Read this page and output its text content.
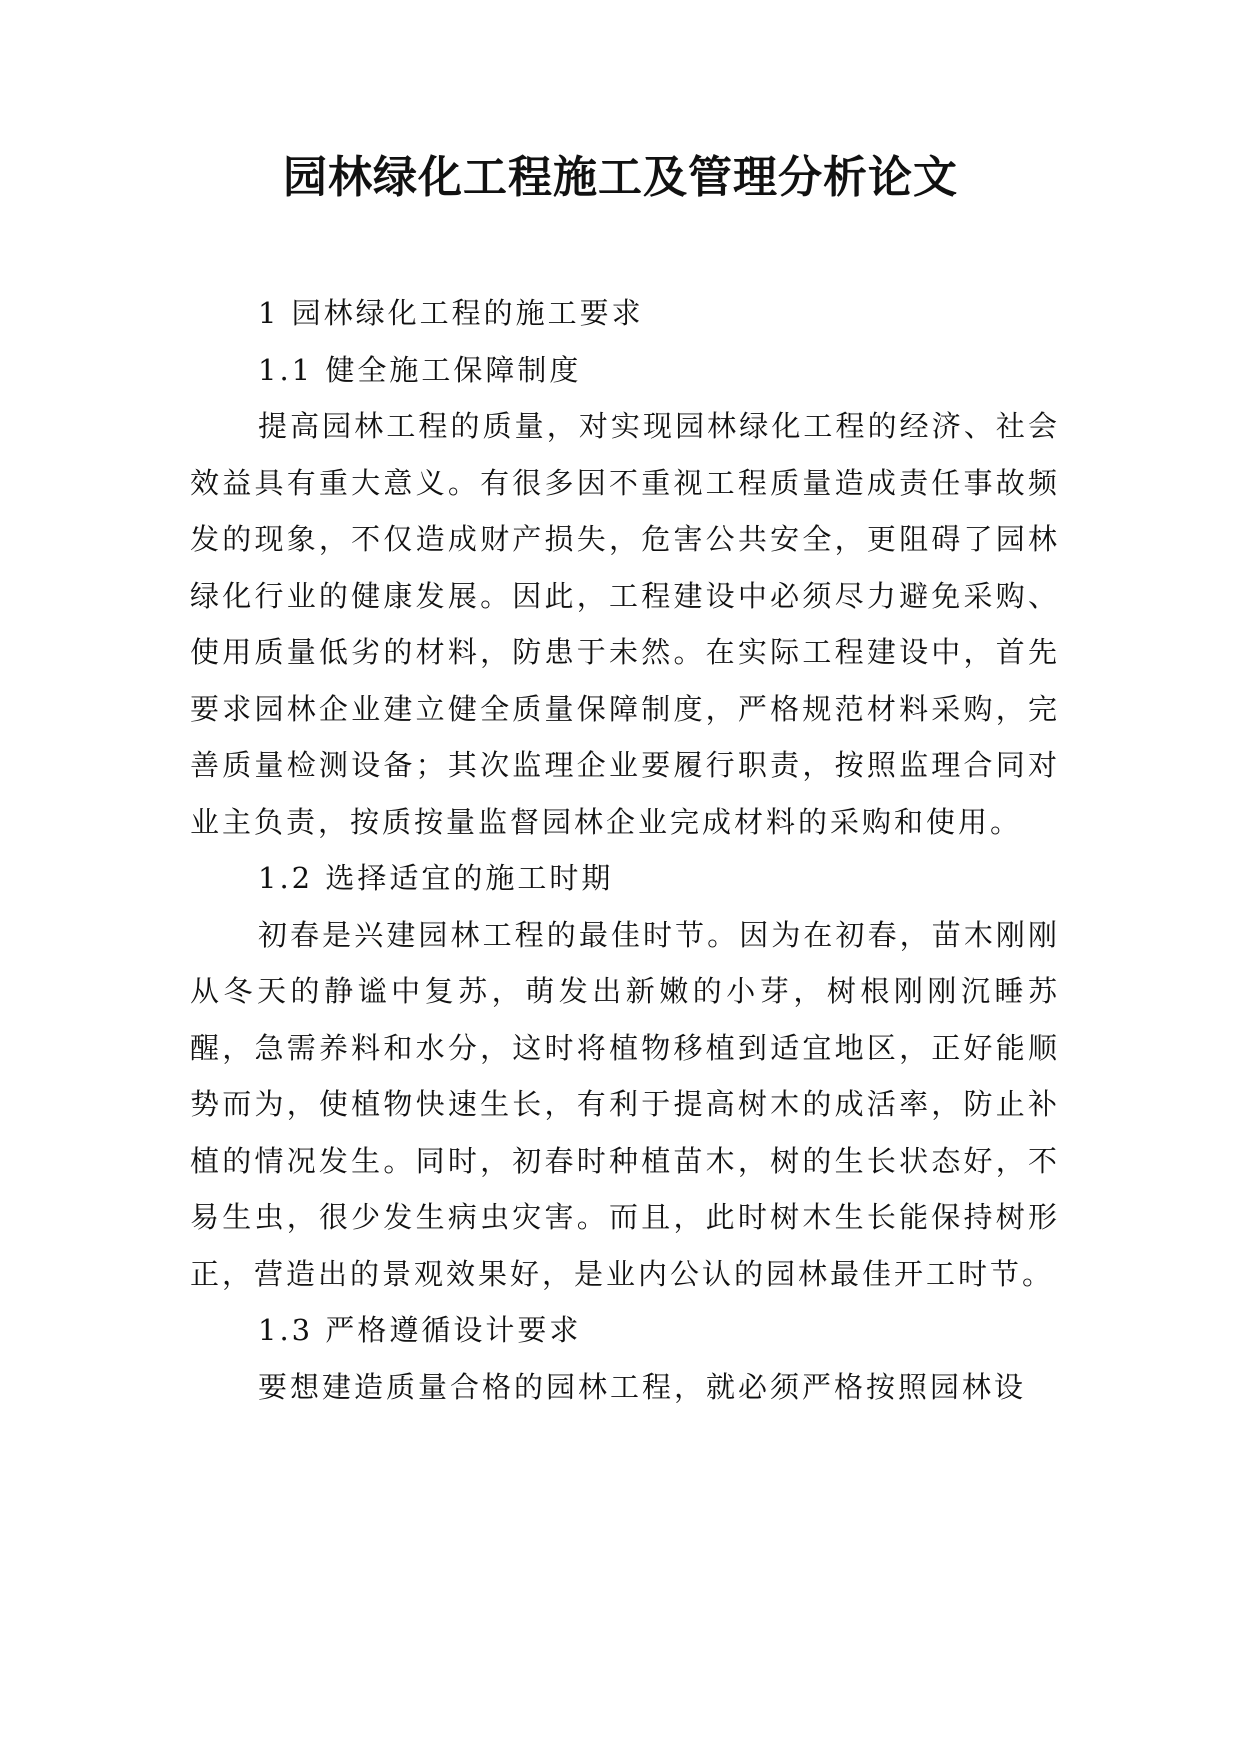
园林绿化工程施工及管理分析论文

1 园林绿化工程的施工要求

1.1 健全施工保障制度

提高园林工程的质量，对实现园林绿化工程的经济、社会效益具有重大意义。有很多因不重视工程质量造成责任事故频发的现象，不仅造成财产损失，危害公共安全，更阻碍了园林绿化行业的健康发展。因此，工程建设中必须尽力避免采购、使用质量低劣的材料，防患于未然。在实际工程建设中，首先要求园林企业建立健全质量保障制度，严格规范材料采购，完善质量检测设备；其次监理企业要履行职责，按照监理合同对业主负责，按质按量监督园林企业完成材料的采购和使用。

1.2 选择适宜的施工时期

初春是兴建园林工程的最佳时节。因为在初春，苗木刚刚从冬天的静谧中复苏，萌发出新嫩的小芽，树根刚刚沉睡苏醒，急需养料和水分，这时将植物移植到适宜地区，正好能顺势而为，使植物快速生长，有利于提高树木的成活率，防止补植的情况发生。同时，初春时种植苗木，树的生长状态好，不易生虫，很少发生病虫灾害。而且，此时树木生长能保持树形正，营造出的景观效果好，是业内公认的园林最佳开工时节。

1.3 严格遵循设计要求

要想建造质量合格的园林工程，就必须严格按照园林设
